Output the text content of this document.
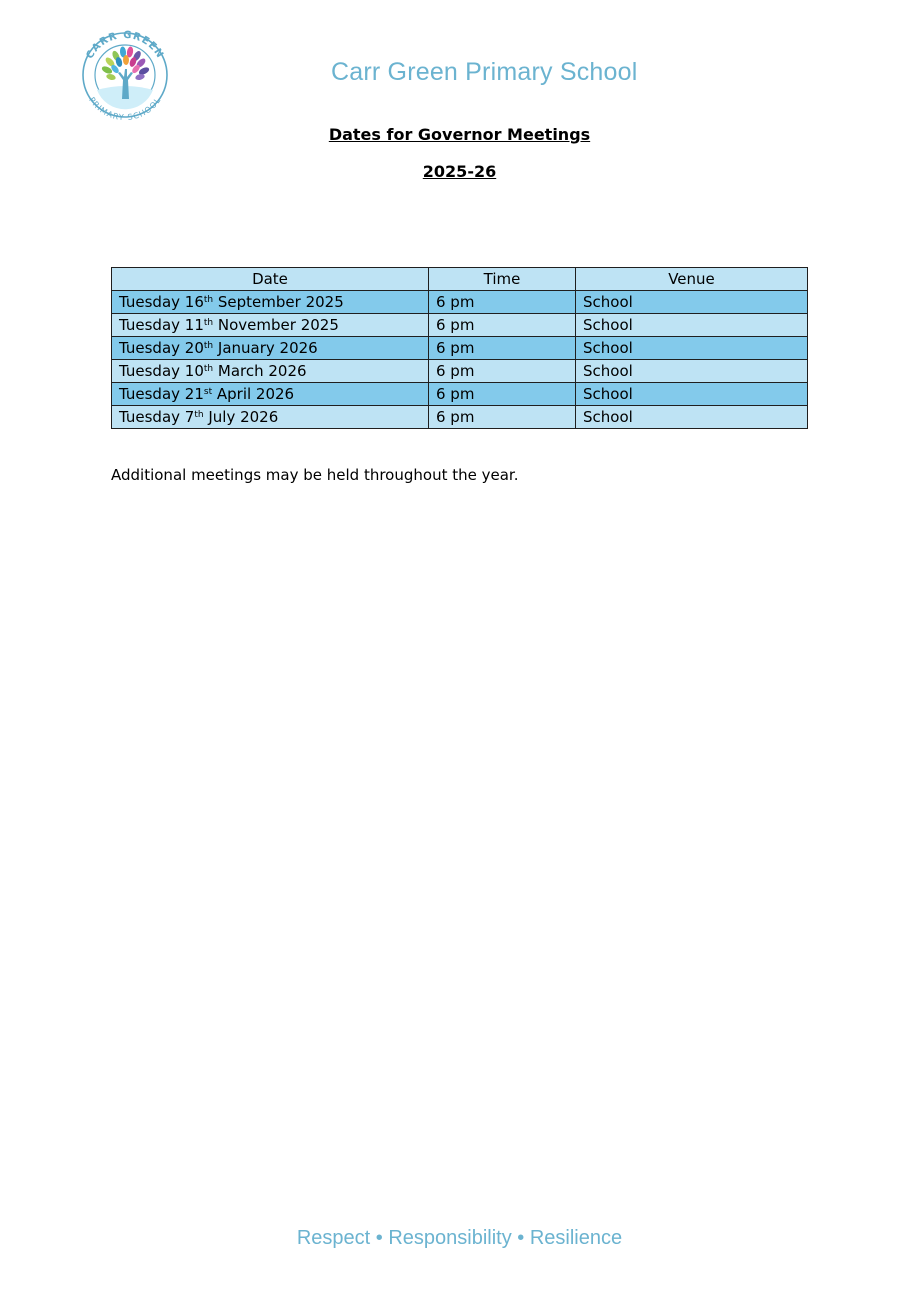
CARR GREEN
PRIMARY SCHOOL
Carr Green Primary School
Dates for Governor Meetings
2025-26
Date	Time	Venue
Tuesday 16th September 2025	6 pm	School
Tuesday 11th November 2025	6 pm	School
Tuesday 20th January 2026	6 pm	School
Tuesday 10th March 2026	6 pm	School
Tuesday 21st April 2026	6 pm	School
Tuesday 7th July 2026	6 pm	School
Additional meetings may be held throughout the year.
Respect • Responsibility • Resilience
